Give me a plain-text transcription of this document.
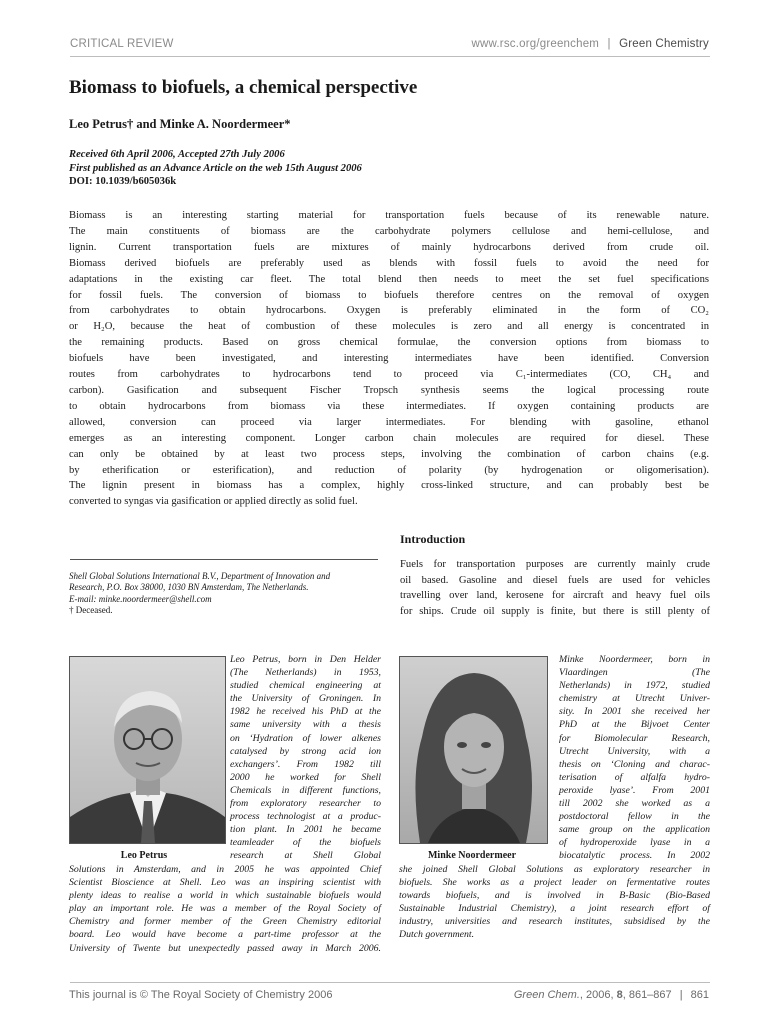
CRITICAL REVIEW	www.rsc.org/greenchem | Green Chemistry
Biomass to biofuels, a chemical perspective
Leo Petrus† and Minke A. Noordermeer*
Received 6th April 2006, Accepted 27th July 2006
First published as an Advance Article on the web 15th August 2006
DOI: 10.1039/b605036k
Biomass is an interesting starting material for transportation fuels because of its renewable nature.
The main constituents of biomass are the carbohydrate polymers cellulose and hemi-cellulose, and
lignin. Current transportation fuels are mixtures of mainly hydrocarbons derived from crude oil.
Biomass derived biofuels are preferably used as blends with fossil fuels to avoid the need for
adaptations in the existing car fleet. The total blend then needs to meet the set fuel specifications
for fossil fuels. The conversion of biomass to biofuels therefore centres on the removal of oxygen
from carbohydrates to obtain hydrocarbons. Oxygen is preferably eliminated in the form of CO₂
or H₂O, because the heat of combustion of these molecules is zero and all energy is concentrated in
the remaining products. Based on gross chemical formulae, the conversion options from biomass to
biofuels have been investigated, and interesting intermediates have been identified. Conversion
routes from carbohydrates to hydrocarbons tend to proceed via C₁-intermediates (CO, CH₄ and
carbon). Gasification and subsequent Fischer Tropsch synthesis seems the logical processing route
to obtain hydrocarbons from biomass via these intermediates. If oxygen containing products are
allowed, conversion can proceed via larger intermediates. For blending with gasoline, ethanol
emerges as an interesting component. Longer carbon chain molecules are required for diesel. These
can only be obtained by at least two process steps, involving the combination of carbon chains (e.g.
by etherification or esterification), and reduction of polarity (by hydrogenation or oligomerisation).
The lignin present in biomass has a complex, highly cross-linked structure, and can probably best be
converted to syngas via gasification or applied directly as solid fuel.
Introduction
Fuels for transportation purposes are currently mainly crude
oil based. Gasoline and diesel fuels are used for vehicles
travelling over land, kerosene for aircraft and heavy fuel oils
for ships. Crude oil supply is finite, but there is still plenty of
Shell Global Solutions International B.V., Department of Innovation and
Research, P.O. Box 38000, 1030 BN Amsterdam, The Netherlands.
E-mail: minke.noordermeer@shell.com
† Deceased.
Leo Petrus
Leo Petrus, born in Den Helder
(The Netherlands) in 1953,
studied chemical engineering at
the University of Groningen. In
1982 he received his PhD at the
same university with a thesis
on ‘Hydration of lower alkenes
catalysed by strong acid ion
exchangers’. From 1982 till
2000 he worked for Shell
Chemicals in different functions,
from exploratory researcher to
process technologist at a produc-
tion plant. In 2001 he became
teamleader of the biofuels
research at Shell Global
Solutions in Amsterdam, and in 2005 he was appointed Chief
Scientist Bioscience at Shell. Leo was an inspiring scientist with
plenty ideas to realise a world in which sustainable biofuels would
play an important role. He was a member of the Royal Society of
Chemistry and former member of the Green Chemistry editorial
board. Leo would have become a part-time professor at the
University of Twente but unexpectedly passed away in March 2006.
Minke Noordermeer
Minke Noordermeer, born in
Vlaardingen (The
Netherlands) in 1972, studied
chemistry at Utrecht Univer-
sity. In 2001 she received her
PhD at the Bijvoet Center
for Biomolecular Research,
Utrecht University, with a
thesis on ‘Cloning and charac-
terisation of alfalfa hydro-
peroxide lyase’. From 2001
till 2002 she worked as a
postdoctoral fellow in the
same group on the application
of hydroperoxide lyase in a
biocatalytic process. In 2002
she joined Shell Global Solutions as exploratory researcher in
biofuels. She works as a project leader on fermentative routes
towards biofuels, and is involved in B-Basic (Bio-Based
Sustainable Industrial Chemistry), a joint research effort of
industry, universities and research institutes, subsidised by the
Dutch government.
This journal is © The Royal Society of Chemistry 2006	Green Chem., 2006, 8, 861–867 | 861
